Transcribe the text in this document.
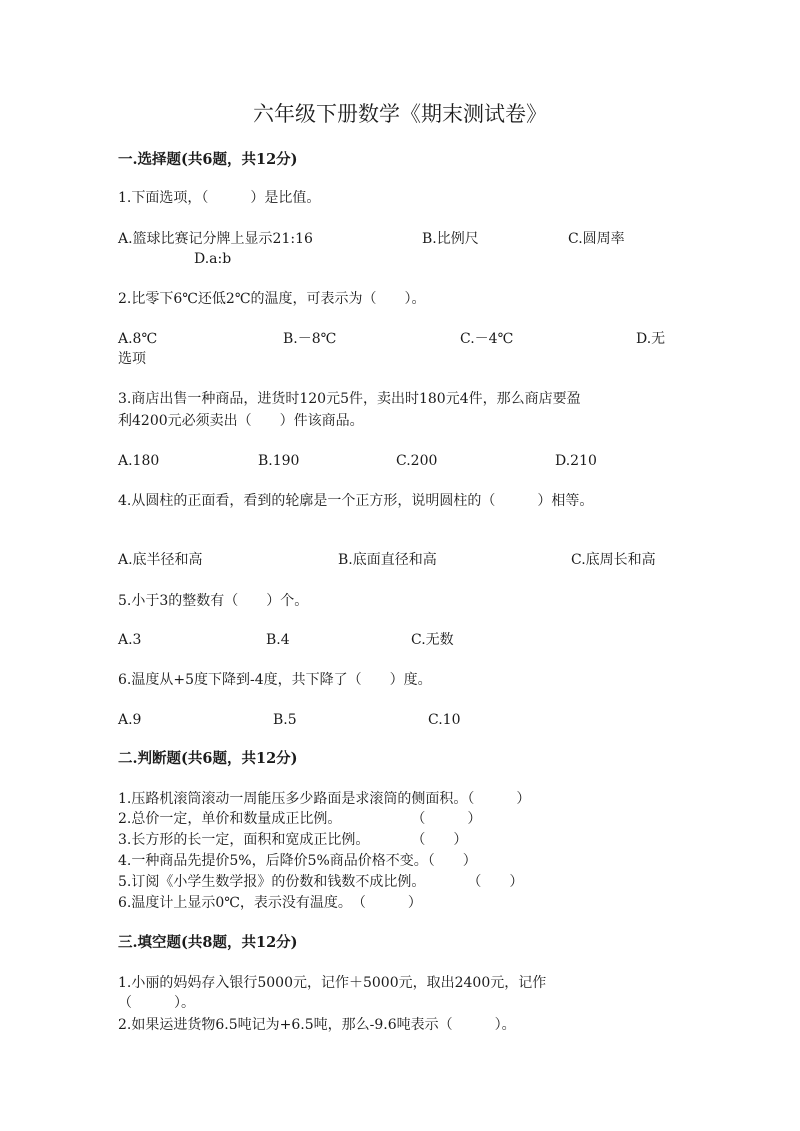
六年级下册数学《期末测试卷》
一.选择题(共6题，共12分)
1.下面选项，（　　　）是比值。
A.篮球比赛记分牌上显示21:16	B.比例尺	C.圆周率
D.a:b
2.比零下6℃还低2℃的温度，可表示为（　　）。
A.8℃	B.－8℃	C.－4℃	D.无
选项
3.商店出售一种商品，进货时120元5件，卖出时180元4件，那么商店要盈
利4200元必须卖出（　　）件该商品。
A.180	B.190	C.200	D.210
4.从圆柱的正面看，看到的轮廓是一个正方形，说明圆柱的（　　　）相等。
A.底半径和高	B.底面直径和高	C.底周长和高
5.小于3的整数有（　　）个。
A.3	B.4	C.无数
6.温度从+5度下降到-4度，共下降了（　　）度。
A.9	B.5	C.10
二.判断题(共6题，共12分)
1.压路机滚筒滚动一周能压多少路面是求滚筒的侧面积。（　　　）
2.总价一定，单价和数量成正比例。　　　　　　（　　　）
3.长方形的长一定，面积和宽成正比例。　　　　（　　）
4.一种商品先提价5%，后降价5%商品价格不变。（　　）
5.订阅《小学生数学报》的份数和钱数不成比例。　　　　（　　）
6.温度计上显示0℃，表示没有温度。　（　　　）
三.填空题(共8题，共12分)
1.小丽的妈妈存入银行5000元，记作＋5000元，取出2400元，记作
（　　　）。
2.如果运进货物6.5吨记为+6.5吨，那么-9.6吨表示（　　　）。
